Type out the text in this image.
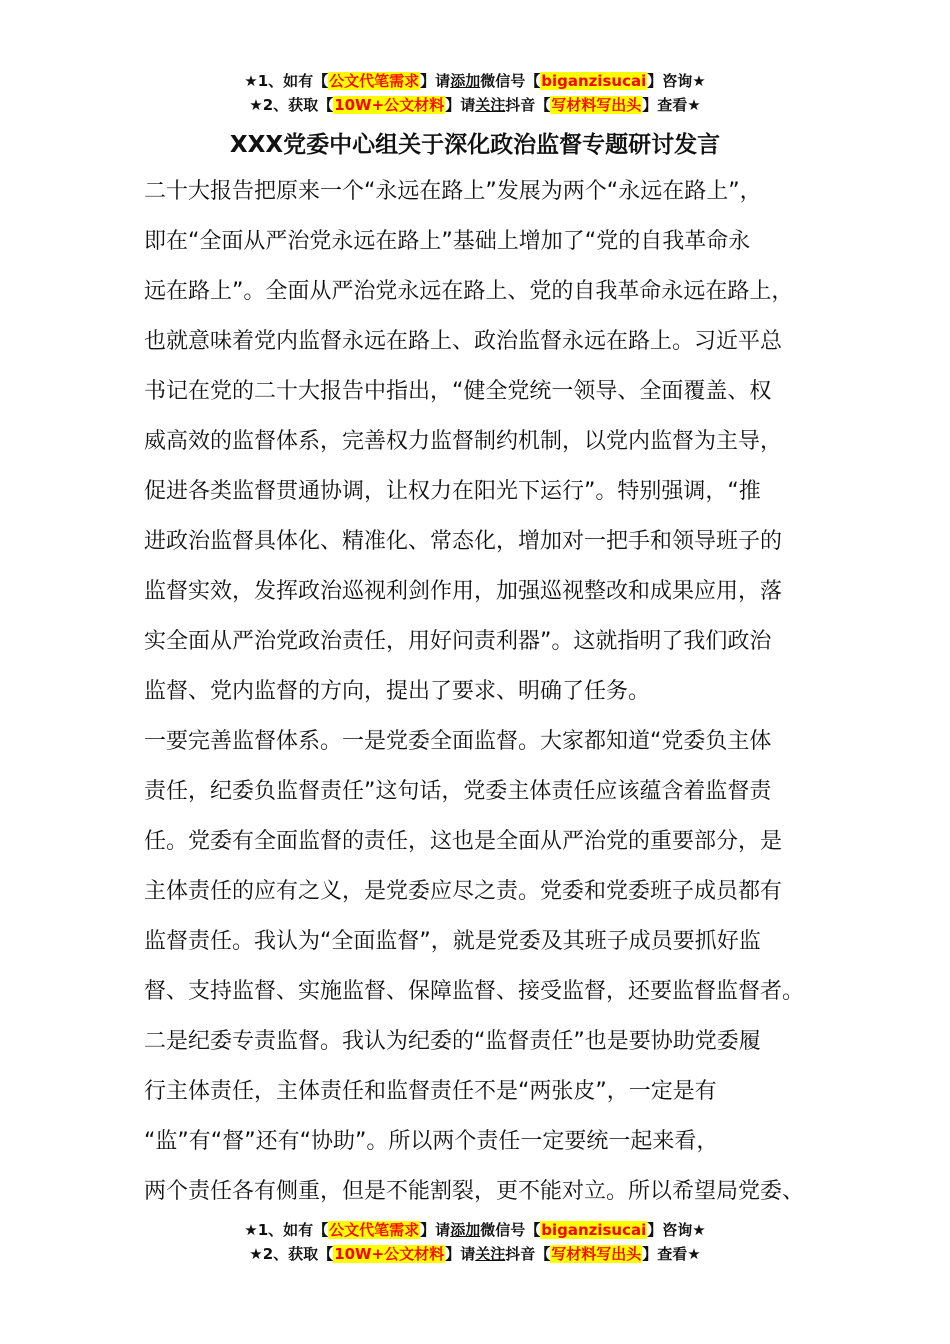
★1、如有【公文代笔需求】请添加微信号【biganzisucai】咨询★
★2、获取【10W+公文材料】请关注抖音【写材料写出头】查看★
XXX党委中心组关于深化政治监督专题研讨发言
二十大报告把原来一个“永远在路上”发展为两个“永远在路上”，
即在“全面从严治党永远在路上”基础上增加了“党的自我革命永
远在路上”。全面从严治党永远在路上、党的自我革命永远在路上，
也就意味着党内监督永远在路上、政治监督永远在路上。习近平总
书记在党的二十大报告中指出，“健全党统一领导、全面覆盖、权
威高效的监督体系，完善权力监督制约机制，以党内监督为主导，
促进各类监督贯通协调，让权力在阳光下运行”。特别强调，“推
进政治监督具体化、精准化、常态化，增加对一把手和领导班子的
监督实效，发挥政治巡视利剑作用，加强巡视整改和成果应用，落
实全面从严治党政治责任，用好问责利器”。这就指明了我们政治
监督、党内监督的方向，提出了要求、明确了任务。
一要完善监督体系。一是党委全面监督。大家都知道“党委负主体
责任，纪委负监督责任”这句话，党委主体责任应该蕴含着监督责
任。党委有全面监督的责任，这也是全面从严治党的重要部分，是
主体责任的应有之义，是党委应尽之责。党委和党委班子成员都有
监督责任。我认为“全面监督”，就是党委及其班子成员要抓好监
督、支持监督、实施监督、保障监督、接受监督，还要监督监督者。
二是纪委专责监督。我认为纪委的“监督责任”也是要协助党委履
行主体责任，主体责任和监督责任不是“两张皮”，一定是有
“监”有“督”还有“协助”。所以两个责任一定要统一起来看，
两个责任各有侧重，但是不能割裂，更不能对立。所以希望局党委、
★1、如有【公文代笔需求】请添加微信号【biganzisucai】咨询★
★2、获取【10W+公文材料】请关注抖音【写材料写出头】查看★
